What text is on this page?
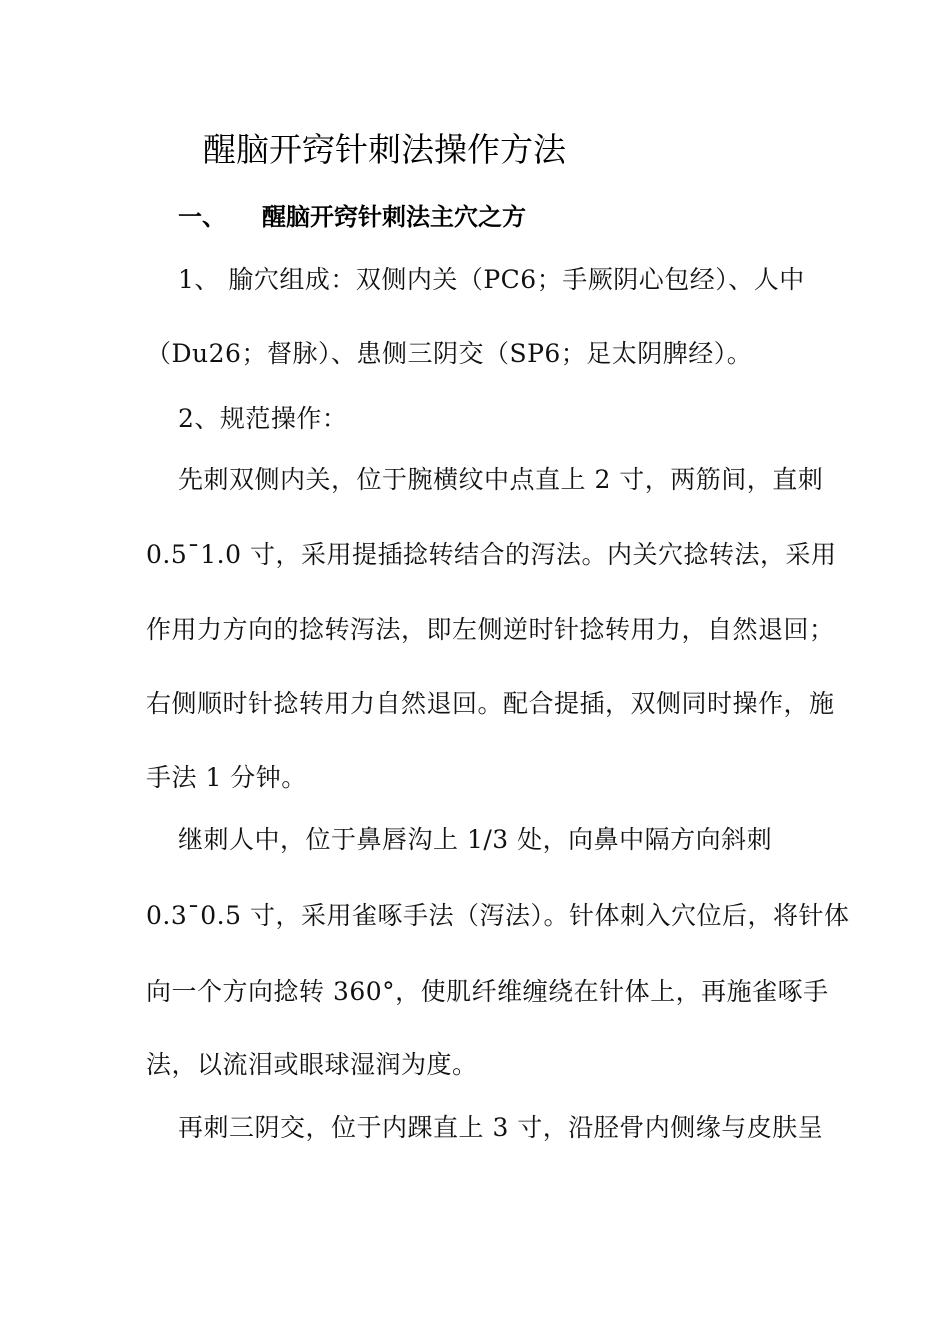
醒脑开窍针刺法操作方法
一、 醒脑开窍针刺法主穴之方
1、 腧穴组成：双侧内关（PC6；手厥阴心包经）、人中
（Du26；督脉）、患侧三阴交（SP6；足太阴脾经）。
2、规范操作：
先刺双侧内关，位于腕横纹中点直上 2 寸，两筋间，直刺
0.5¯1.0 寸，采用提插捻转结合的泻法。内关穴捻转法，采用
作用力方向的捻转泻法，即左侧逆时针捻转用力，自然退回；
右侧顺时针捻转用力自然退回。配合提插，双侧同时操作，施
手法 1 分钟。
继刺人中，位于鼻唇沟上 1/3 处，向鼻中隔方向斜刺
0.3¯0.5 寸，采用雀啄手法（泻法）。针体刺入穴位后，将针体
向一个方向捻转 360°，使肌纤维缠绕在针体上，再施雀啄手
法，以流泪或眼球湿润为度。
再刺三阴交，位于内踝直上 3 寸，沿胫骨内侧缘与皮肤呈
